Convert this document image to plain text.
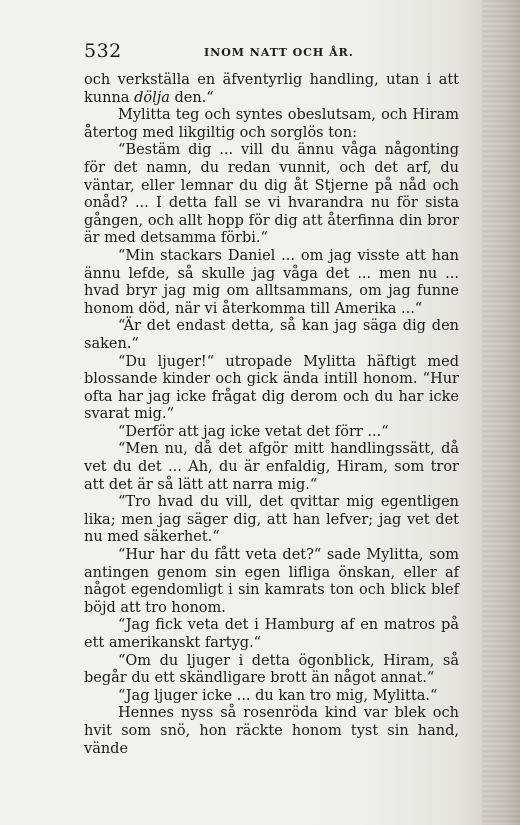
532	INOM NATT OCH ÅR.

och verkställa en äfventyrlig handling, utan i att kunna dölja den.“

Mylitta teg och syntes obeslutsam, och Hiram återtog med likgiltig och sorglös ton:

“Bestäm dig ... vill du ännu våga någonting för det namn, du redan vunnit, och det arf, du väntar, eller lemnar du dig åt Stjerne på nåd och onåd? ... I detta fall se vi hvarandra nu för sista gången, och allt hopp för dig att återfinna din bror är med detsamma förbi.“

“Min stackars Daniel ... om jag visste att han ännu lefde, så skulle jag våga det ... men nu ... hvad bryr jag mig om alltsammans, om jag funne honom död, när vi återkomma till Amerika ...“

“Är det endast detta, så kan jag säga dig den saken.“

“Du ljuger!“ utropade Mylitta häftigt med blossande kinder och gick ända intill honom. “Hur ofta har jag icke frågat dig derom och du har icke svarat mig.“

“Derför att jag icke vetat det förr ...“

“Men nu, då det afgör mitt handlingssätt, då vet du det ... Ah, du är enfaldig, Hiram, som tror att det är så lätt att narra mig.“

“Tro hvad du vill, det qvittar mig egentligen lika; men jag säger dig, att han lefver; jag vet det nu med säkerhet.“

“Hur har du fått veta det?“ sade Mylitta, som antingen genom sin egen lifliga önskan, eller af något egendomligt i sin kamrats ton och blick blef böjd att tro honom.

“Jag fick veta det i Hamburg af en matros på ett amerikanskt fartyg.“

“Om du ljuger i detta ögonblick, Hiram, så begår du ett skändligare brott än något annat.“

“Jag ljuger icke ... du kan tro mig, Mylitta.“

Hennes nyss så rosenröda kind var blek och hvit som snö, hon räckte honom tyst sin hand, vände
